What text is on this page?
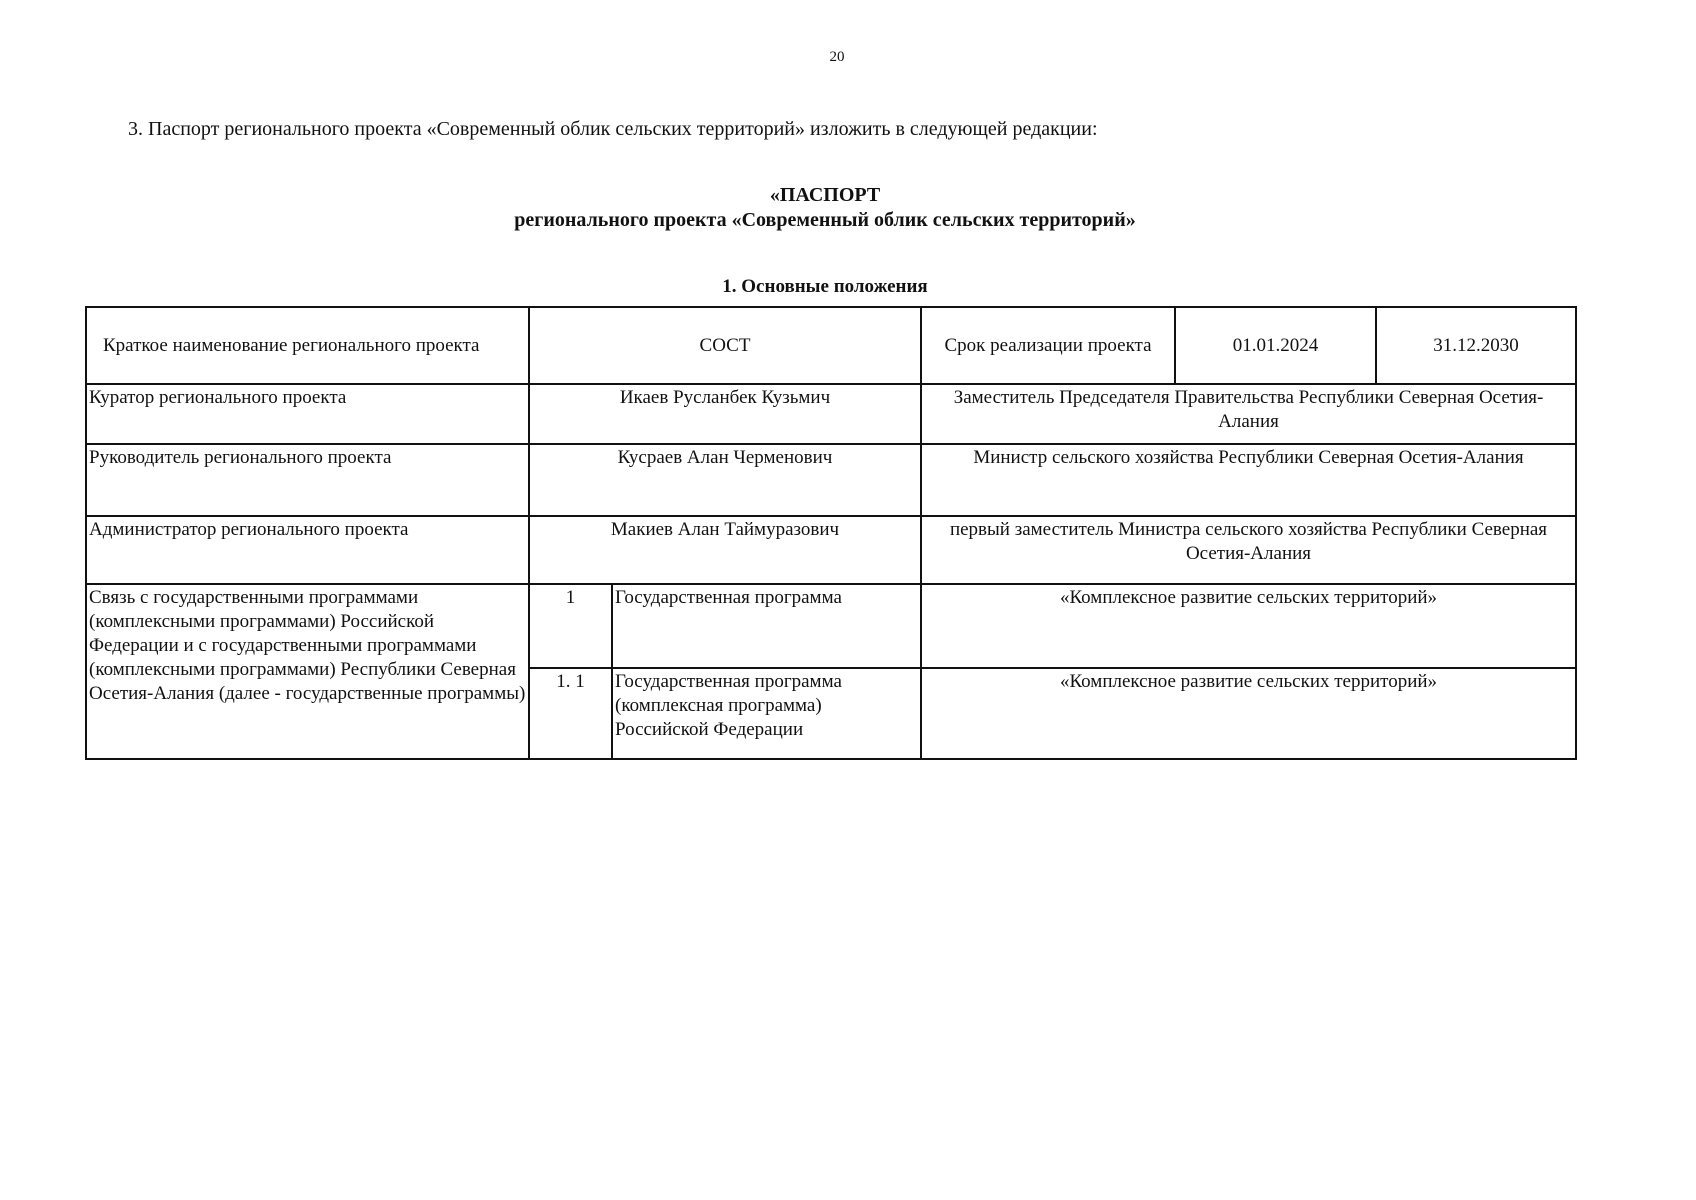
20
3. Паспорт регионального проекта «Современный облик сельских территорий» изложить в следующей редакции:
«ПАСПОРТ
регионального проекта «Современный облик сельских территорий»
1. Основные положения
Краткое наименование регионального проекта	СОСТ		Срок реализации проекта	01.01.2024	31.12.2030
Куратор регионального проекта	Икаев Русланбек Кузьмич		Заместитель Председателя Правительства Республики Северная Осетия-Алания		
Руководитель регионального проекта	Кусраев Алан Черменович		Министр сельского хозяйства Республики Северная Осетия-Алания		
Администратор регионального проекта	Макиев Алан Таймуразович		первый заместитель Министра сельского хозяйства Республики Северная Осетия-Алания		
Связь с государственными программами (комплексными программами) Российской Федерации и с государственными программами (комплексными программами) Республики Северная Осетия-Алания (далее - государственные программы)	1	Государственная программа	«Комплексное развитие сельских территорий»		
	1. 1	Государственная программа (комплексная программа) Российской Федерации	«Комплексное развитие сельских территорий»		
